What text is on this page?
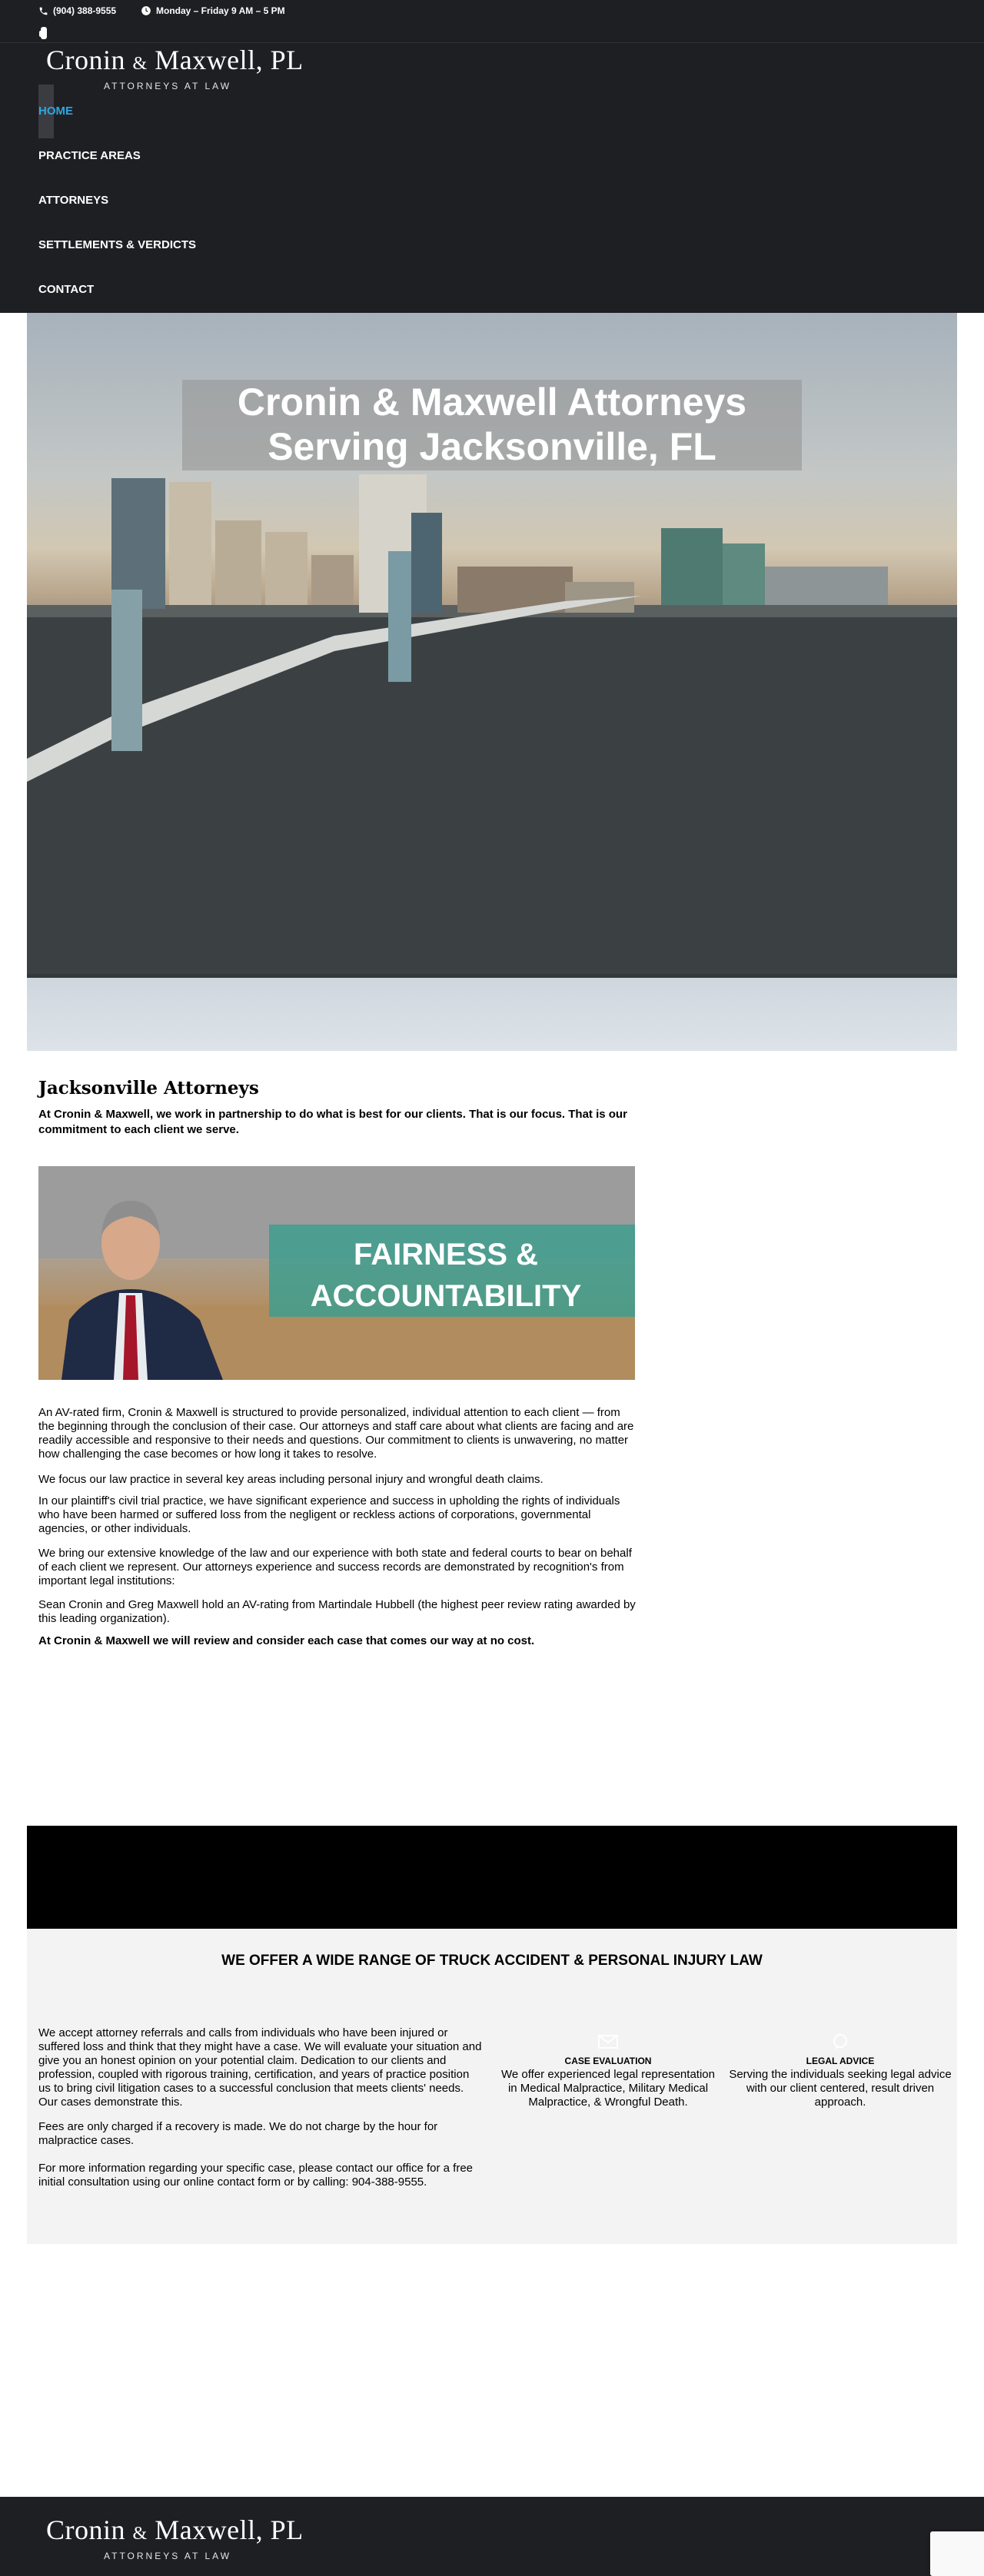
(904) 388-9555	Monday – Friday 9 AM – 5 PM
Cronin & Maxwell, PL
ATTORNEYS AT LAW
HOME
PRACTICE AREAS
ATTORNEYS
SETTLEMENTS & VERDICTS
CONTACT
Cronin & Maxwell Attorneys
Serving Jacksonville, FL
Jacksonville Attorneys
At Cronin & Maxwell, we work in partnership to do what is best for our clients. That is our focus. That is our commitment to each client we serve.
FAIRNESS &
ACCOUNTABILITY
An AV-rated firm, Cronin & Maxwell is structured to provide personalized, individual attention to each client — from the beginning through the conclusion of their case. Our attorneys and staff care about what clients are facing and are readily accessible and responsive to their needs and questions. Our commitment to clients is unwavering, no matter how challenging the case becomes or how long it takes to resolve.
We focus our law practice in several key areas including personal injury and wrongful death claims.
In our plaintiff's civil trial practice, we have significant experience and success in upholding the rights of individuals who have been harmed or suffered loss from the negligent or reckless actions of corporations, governmental agencies, or other individuals.
We bring our extensive knowledge of the law and our experience with both state and federal courts to bear on behalf of each client we represent. Our attorneys experience and success records are demonstrated by recognition's from important legal institutions:
Sean Cronin and Greg Maxwell hold an AV-rating from Martindale Hubbell (the highest peer review rating awarded by this leading organization).
At Cronin & Maxwell we will review and consider each case that comes our way at no cost.
WE OFFER A WIDE RANGE OF TRUCK ACCIDENT & PERSONAL INJURY LAW
We accept attorney referrals and calls from individuals who have been injured or suffered loss and think that they might have a case. We will evaluate your situation and give you an honest opinion on your potential claim. Dedication to our clients and profession, coupled with rigorous training, certification, and years of practice position us to bring civil litigation cases to a successful conclusion that meets clients' needs. Our cases demonstrate this.
Fees are only charged if a recovery is made. We do not charge by the hour for malpractice cases.
For more information regarding your specific case, please contact our office for a free initial consultation using our online contact form or by calling: 904-388-9555.
CASE EVALUATION
We offer experienced legal representation in Medical Malpractice, Military Medical Malpractice, & Wrongful Death.
LEGAL ADVICE
Serving the individuals seeking legal advice with our client centered, result driven approach.
Cronin & Maxwell, PL
ATTORNEYS AT LAW
